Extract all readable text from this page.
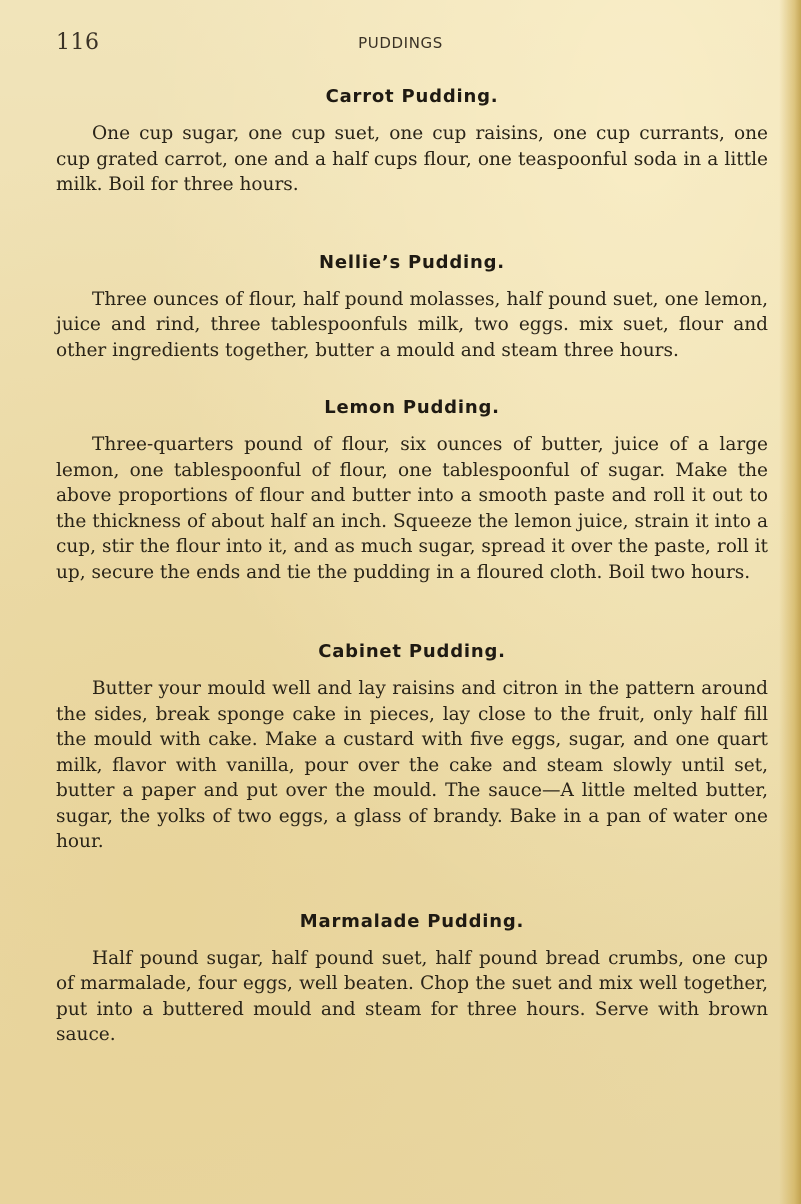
116	PUDDINGS
Carrot Pudding.

One cup sugar, one cup suet, one cup raisins, one cup currants, one cup grated carrot, one and a half cups flour, one teaspoonful soda in a little milk. Boil for three hours.

Nellie’s Pudding.

Three ounces of flour, half pound molasses, half pound suet, one lemon, juice and rind, three tablespoonfuls milk, two eggs. mix suet, flour and other ingredients together, butter a mould and steam three hours.

Lemon Pudding.

Three-quarters pound of flour, six ounces of butter, juice of a large lemon, one tablespoonful of flour, one tablespoonful of sugar. Make the above proportions of flour and butter into a smooth paste and roll it out to the thickness of about half an inch. Squeeze the lemon juice, strain it into a cup, stir the flour into it, and as much sugar, spread it over the paste, roll it up, secure the ends and tie the pudding in a floured cloth. Boil two hours.

Cabinet Pudding.

Butter your mould well and lay raisins and citron in the pattern around the sides, break sponge cake in pieces, lay close to the fruit, only half fill the mould with cake. Make a custard with five eggs, sugar, and one quart milk, flavor with vanilla, pour over the cake and steam slowly until set, butter a paper and put over the mould. The sauce—A little melted butter, sugar, the yolks of two eggs, a glass of brandy. Bake in a pan of water one hour.

Marmalade Pudding.

Half pound sugar, half pound suet, half pound bread crumbs, one cup of marmalade, four eggs, well beaten. Chop the suet and mix well together, put into a buttered mould and steam for three hours. Serve with brown sauce.
